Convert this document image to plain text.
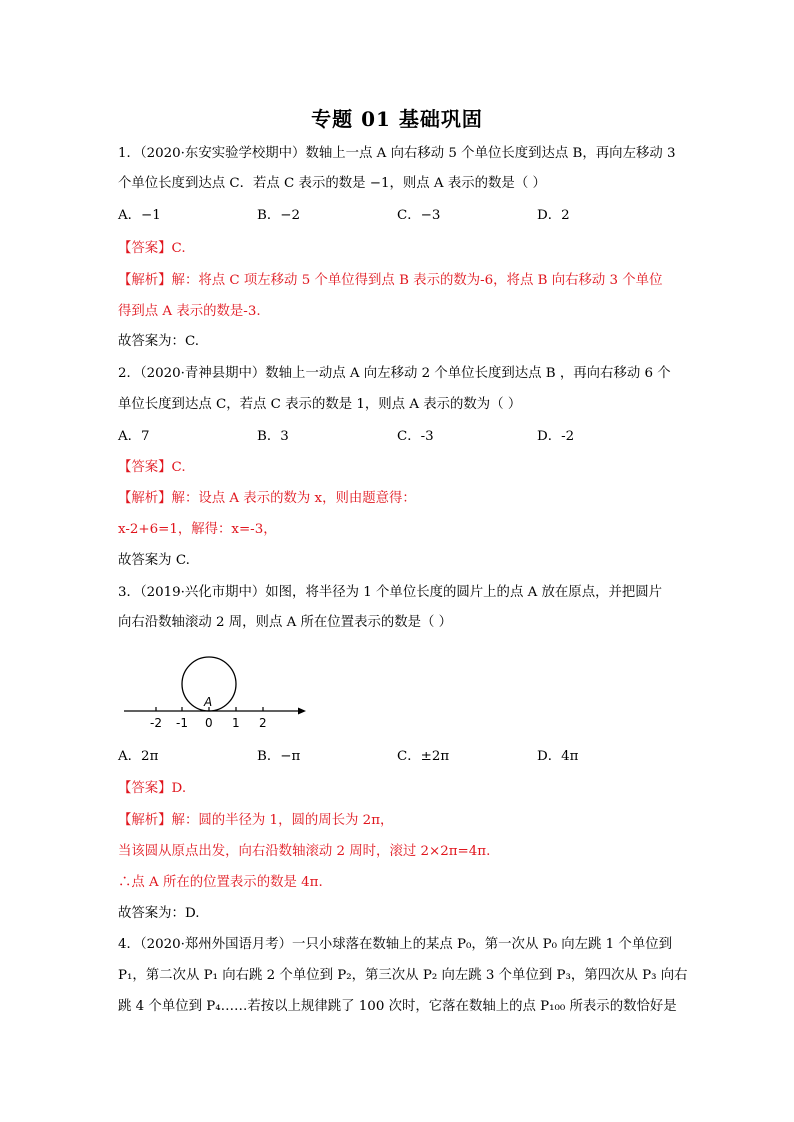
专题 01 基础巩固
1．（2020·东安实验学校期中）数轴上一点 A 向右移动 5 个单位长度到达点 B，再向左移动 3
个单位长度到达点 C．若点 C 表示的数是 −1，则点 A 表示的数是（ ）
A．−1	B．−2	C．−3	D．2
【答案】C.
【解析】解：将点 C 项左移动 5 个单位得到点 B 表示的数为-6，将点 B 向右移动 3 个单位
得到点 A 表示的数是-3.
故答案为：C.
2．（2020·青神县期中）数轴上一动点 A 向左移动 2 个单位长度到达点 B ，再向右移动 6 个
单位长度到达点 C，若点 C 表示的数是 1，则点 A 表示的数为（ ）
A．7	B．3	C．-3	D．-2
【答案】C.
【解析】解：设点 A 表示的数为 x，则由题意得：
x-2+6=1，解得：x=-3，
故答案为 C.
3．（2019·兴化市期中）如图，将半径为 1 个单位长度的圆片上的点 A 放在原点，并把圆片
向右沿数轴滚动 2 周，则点 A 所在位置表示的数是（ ）
A
-2 -1 0 1 2
A．2π	B．−π	C．±2π	D．4π
【答案】D.
【解析】解：圆的半径为 1，圆的周长为 2π，
当该圆从原点出发，向右沿数轴滚动 2 周时，滚过 2×2π=4π.
∴点 A 所在的位置表示的数是 4π.
故答案为：D.
4．（2020·郑州外国语月考）一只小球落在数轴上的某点 P₀，第一次从 P₀ 向左跳 1 个单位到
P₁，第二次从 P₁ 向右跳 2 个单位到 P₂，第三次从 P₂ 向左跳 3 个单位到 P₃，第四次从 P₃ 向右
跳 4 个单位到 P₄……若按以上规律跳了 100 次时，它落在数轴上的点 P₁₀₀ 所表示的数恰好是
